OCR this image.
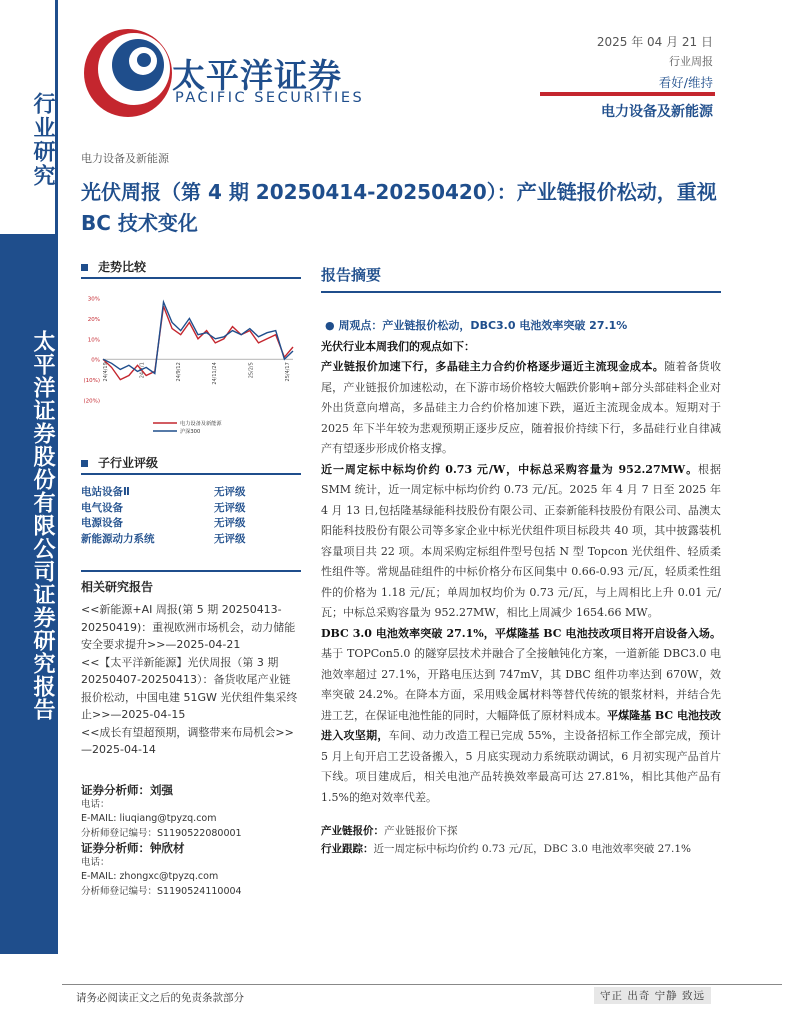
行业研究
太平洋证券股份有限公司证券研究报告
太平洋证券
PACIFIC SECURITIES
2025 年 04 月 21 日
行业周报
看好/维持
电力设备及新能源
电力设备及新能源
光伏周报（第 4 期 20250414-20250420）：产业链报价松动，重视 BC 技术变化
走势比较
30%
20%
10%
0%
(10%)
(20%)
24/4/19	24/7/1	24/9/12	24/11/24	25/2/5	25/4/17
电力设备及新能源
沪深300
子行业评级
电站设备Ⅱ	无评级
电气设备	无评级
电源设备	无评级
新能源动力系统	无评级
相关研究报告
<<新能源+AI 周报(第 5 期 20250413-20250419)：重视欧洲市场机会，动力储能安全要求提升>>—2025-04-21
<<【太平洋新能源】光伏周报（第 3 期 20250407-20250413）：备货收尾产业链报价松动，中国电建 51GW 光伏组件集采终止>>—2025-04-15
<<成长有望超预期，调整带来布局机会>>—2025-04-14
证券分析师：刘强
电话：
E-MAIL: liuqiang@tpyzq.com
分析师登记编号：S1190522080001
证券分析师：钟欣材
电话：
E-MAIL: zhongxc@tpyzq.com
分析师登记编号：S1190524110004
报告摘要

● 周观点：产业链报价松动，DBC3.0 电池效率突破 27.1%

光伏行业本周我们的观点如下：

产业链报价加速下行，多晶硅主力合约价格逐步逼近主流现金成本。随着备货收尾，产业链报价加速松动，在下游市场价格较大幅跌价影响+部分头部硅料企业对外出货意向增高，多晶硅主力合约价格加速下跌，逼近主流现金成本。短期对于 2025 年下半年较为悲观预期正逐步反应，随着报价持续下行，多晶硅行业自律减产有望逐步形成价格支撑。

近一周定标中标均价约 0.73 元/W，中标总采购容量为 952.27MW。根据 SMM 统计，近一周定标中标均价约 0.73 元/瓦。2025 年 4 月 7 日至 2025 年 4 月 13 日,包括隆基绿能科技股份有限公司、正泰新能科技股份有限公司、晶澳太阳能科技股份有限公司等多家企业中标光伏组件项目标段共 40 项，其中披露装机容量项目共 22 项。本周采购定标组件型号包括 N 型 Topcon 光伏组件、轻质柔性组件等。常规晶硅组件的中标价格分布区间集中 0.66-0.93 元/瓦，轻质柔性组件的价格为 1.18 元/瓦；单周加权均价为 0.73 元/瓦，与上周相比上升 0.01 元/瓦；中标总采购容量为 952.27MW，相比上周减少 1654.66 MW。

DBC 3.0 电池效率突破 27.1%，平煤隆基 BC 电池技改项目将开启设备入场。基于 TOPCon5.0 的隧穿层技术并融合了全接触钝化方案，一道新能 DBC3.0 电池效率超过 27.1%，开路电压达到 747mV，其 DBC 组件功率达到 670W，效率突破 24.2%。在降本方面，采用贱金属材料等替代传统的银浆材料，并结合先进工艺，在保证电池性能的同时，大幅降低了原材料成本。平煤隆基 BC 电池技改进入攻坚期，车间、动力改造工程已完成 55%，主设备招标工作全部完成，预计 5 月上旬开启工艺设备搬入，5 月底实现动力系统联动调试，6 月初实现产品首片下线。项目建成后，相关电池产品转换效率最高可达 27.81%，相比其他产品有 1.5%的绝对效率代差。

产业链报价：产业链报价下探

行业跟踪：近一周定标中标均价约 0.73 元/瓦，DBC 3.0 电池效率突破 27.1%

请务必阅读正文之后的免责条款部分	守正 出奇 宁静 致远
